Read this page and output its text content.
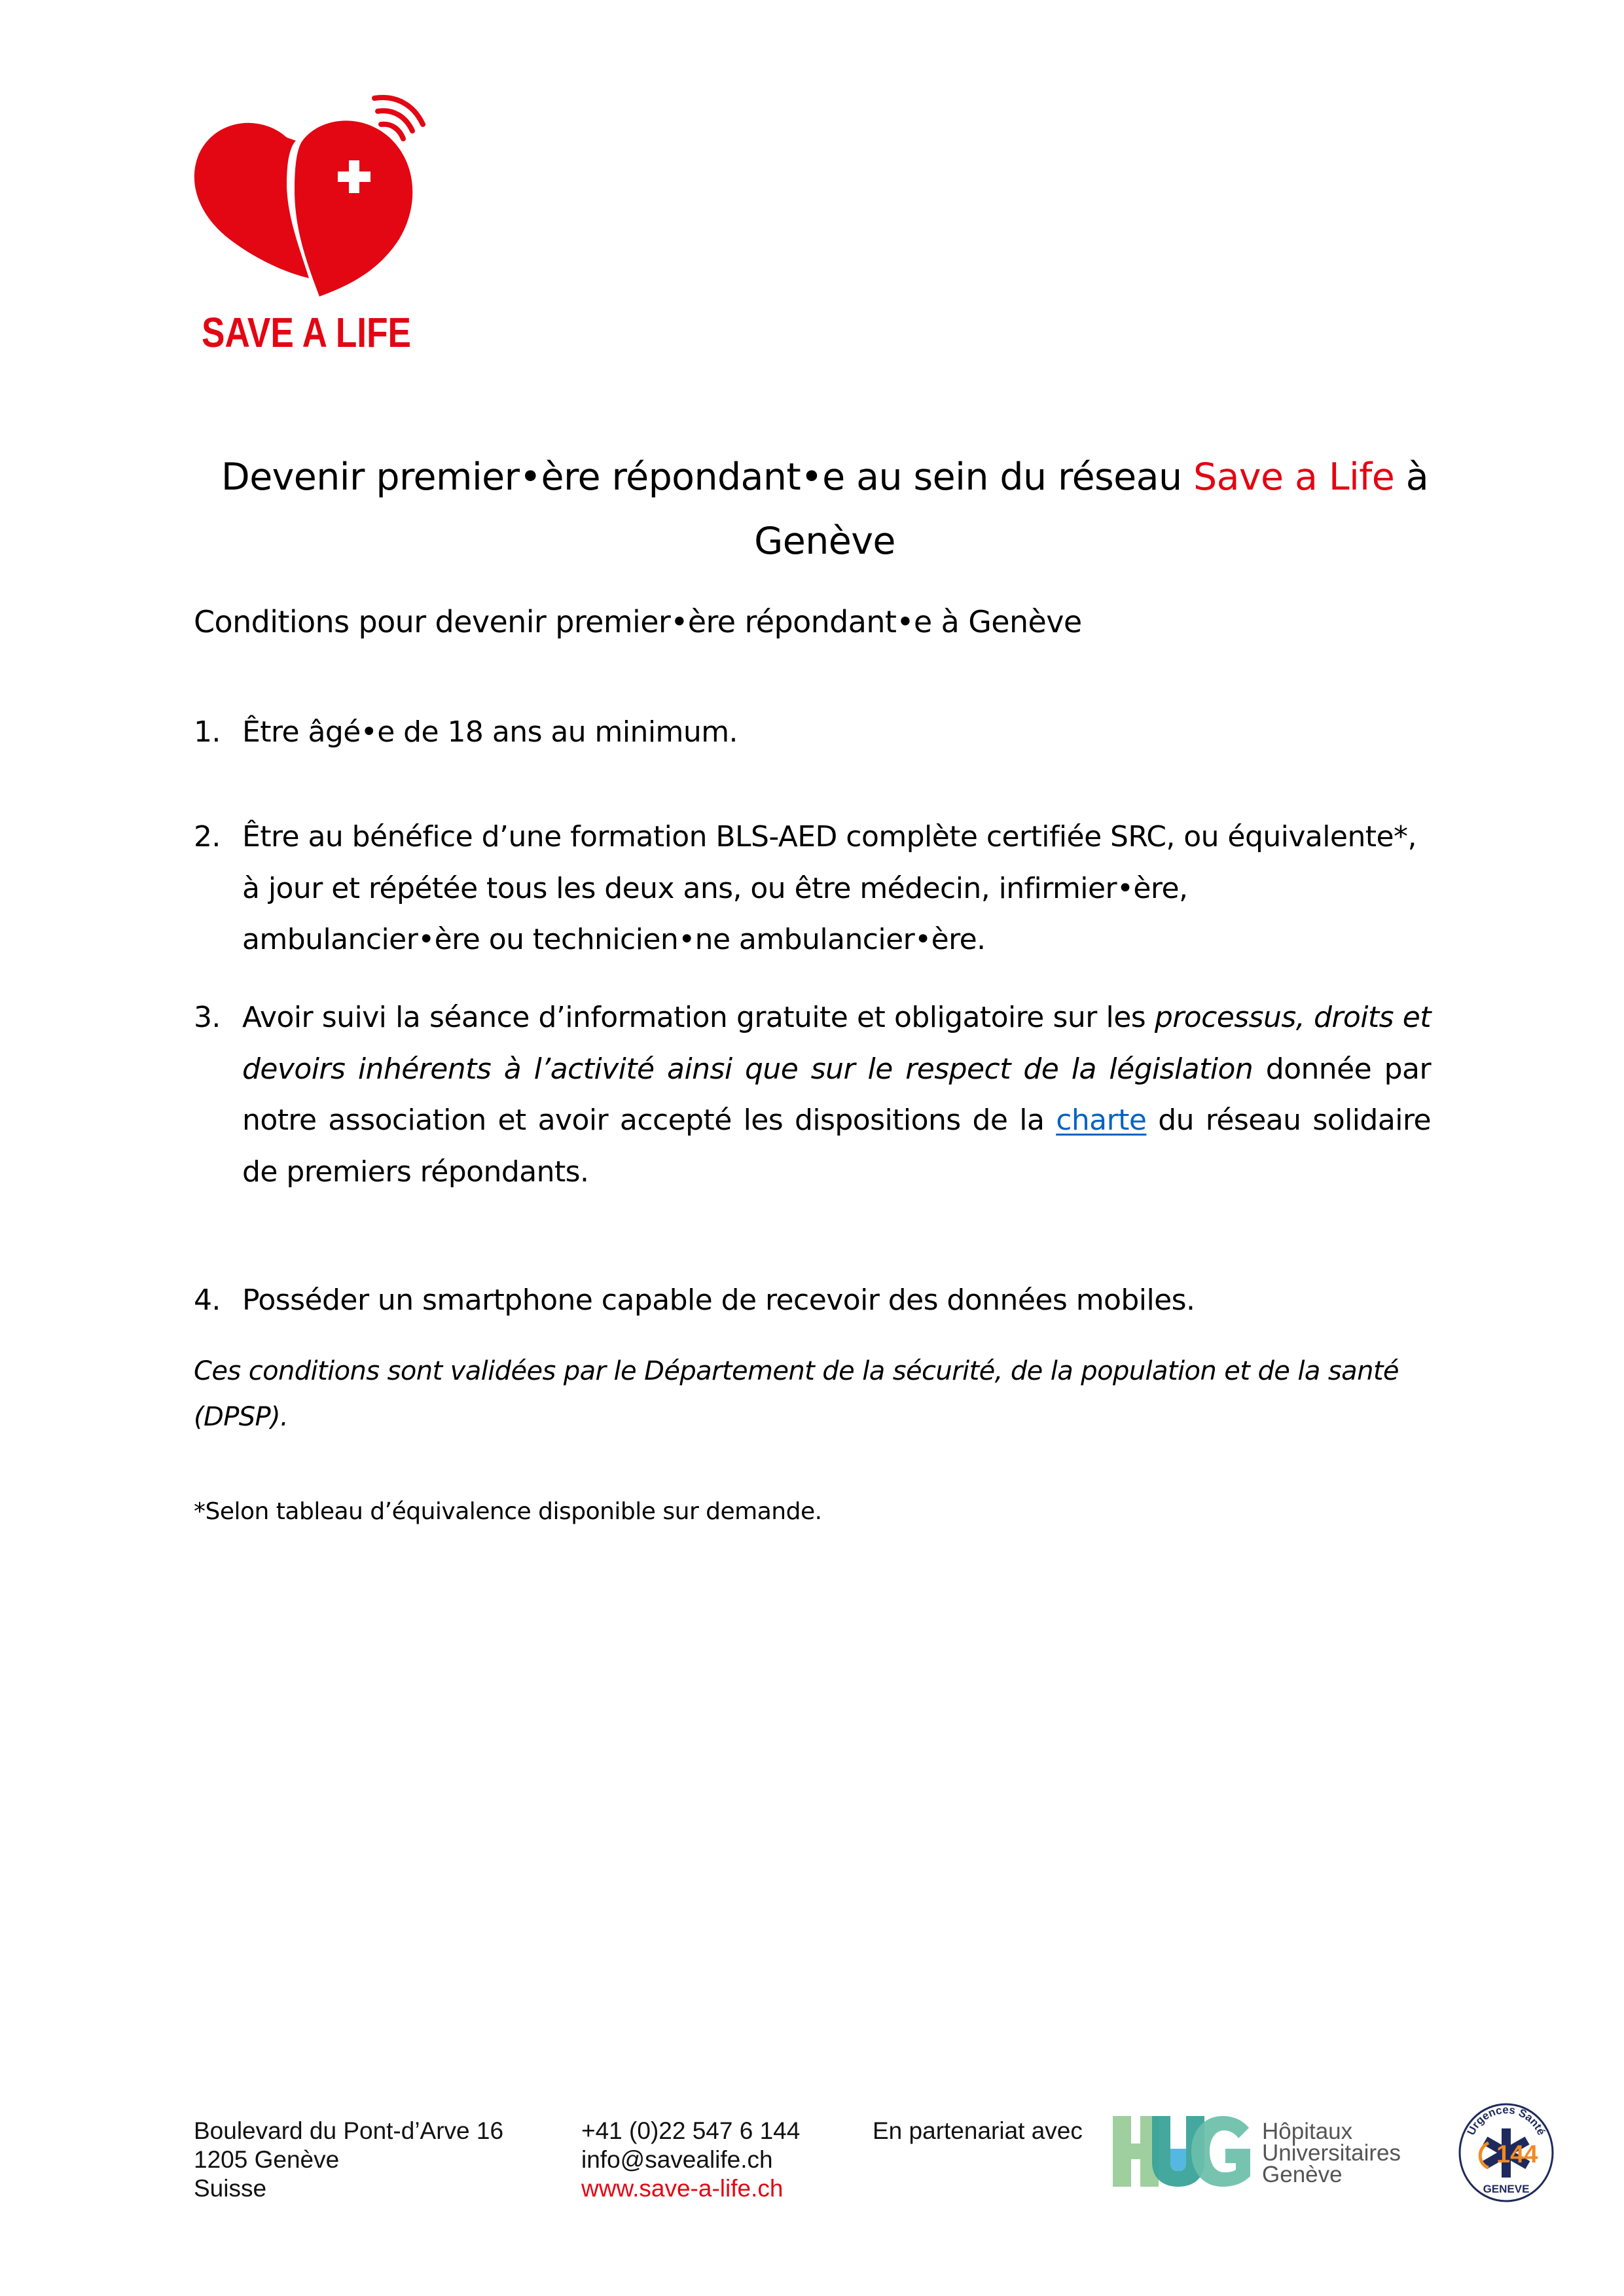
SAVE A LIFE
Devenir premier•ère répondant•e au sein du réseau Save a Life à
Genève
Conditions pour devenir premier•ère répondant•e à Genève
1. Être âgé•e de 18 ans au minimum.
2. Être au bénéfice d’une formation BLS-AED complète certifiée SRC, ou équivalente*, à jour et répétée tous les deux ans, ou être médecin, infirmier•ère, ambulancier•ère ou technicien•ne ambulancier•ère.
3. Avoir suivi la séance d’information gratuite et obligatoire sur les processus, droits et devoirs inhérents à l’activité ainsi que sur le respect de la législation donnée par notre association et avoir accepté les dispositions de la charte du réseau solidaire de premiers répondants.
4. Posséder un smartphone capable de recevoir des données mobiles.
Ces conditions sont validées par le Département de la sécurité, de la population et de la santé (DPSP).
*Selon tableau d’équivalence disponible sur demande.
Boulevard du Pont-d’Arve 16
1205 Genève
Suisse
+41 (0)22 547 6 144
info@savealife.ch
www.save-a-life.ch
En partenariat avec	Hôpitaux
Universitaires
Genève
144
Urgences Santé
GENEVE
